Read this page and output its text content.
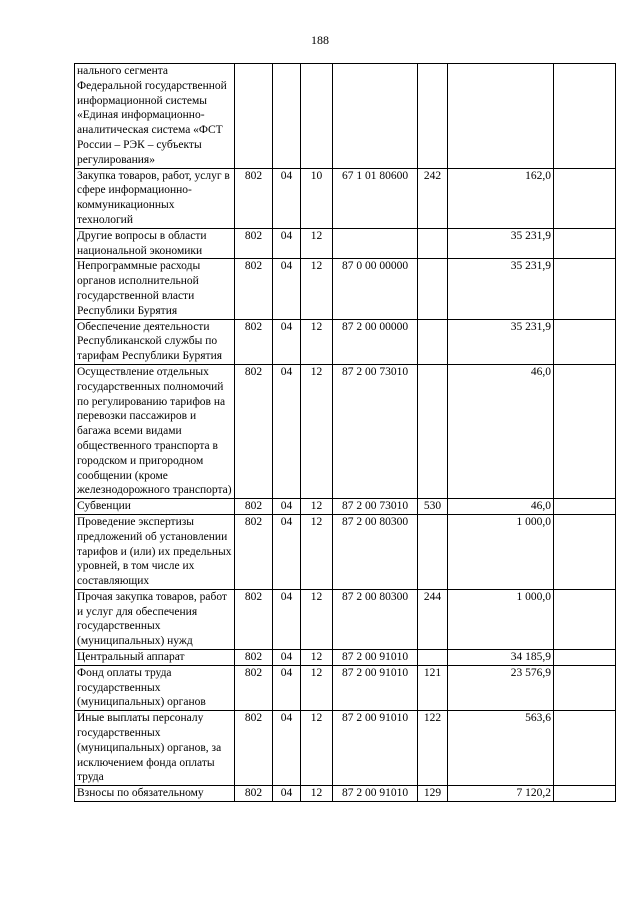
188
нального сегмента Федеральной государственной информационной системы «Единая информационно-аналитическая система «ФСТ России – РЭК – субъекты регулирования»							
Закупка товаров, работ, услуг в сфере информационно-коммуникационных технологий	802	04	10	67 1 01 80600	242	162,0	
Другие вопросы в области национальной экономики	802	04	12			35 231,9	
Непрограммные расходы органов исполнительной государственной власти Республики Бурятия	802	04	12	87 0 00 00000		35 231,9	
Обеспечение деятельности Республиканской службы по тарифам Республики Бурятия	802	04	12	87 2 00 00000		35 231,9	
Осуществление отдельных государственных полномочий по регулированию тарифов на перевозки пассажиров и багажа всеми видами общественного транспорта в городском и пригородном сообщении (кроме железнодорожного транспорта)	802	04	12	87 2 00 73010		46,0	
Субвенции	802	04	12	87 2 00 73010	530	46,0	
Проведение экспертизы предложений об установлении тарифов и (или) их предельных уровней, в том числе их составляющих	802	04	12	87 2 00 80300		1 000,0	
Прочая закупка товаров, работ и услуг для обеспечения государственных (муниципальных) нужд	802	04	12	87 2 00 80300	244	1 000,0	
Центральный аппарат	802	04	12	87 2 00 91010		34 185,9	
Фонд оплаты труда государственных (муниципальных) органов	802	04	12	87 2 00 91010	121	23 576,9	
Иные выплаты персоналу государственных (муниципальных) органов, за исключением фонда оплаты труда	802	04	12	87 2 00 91010	122	563,6	
Взносы по обязательному	802	04	12	87 2 00 91010	129	7 120,2	
